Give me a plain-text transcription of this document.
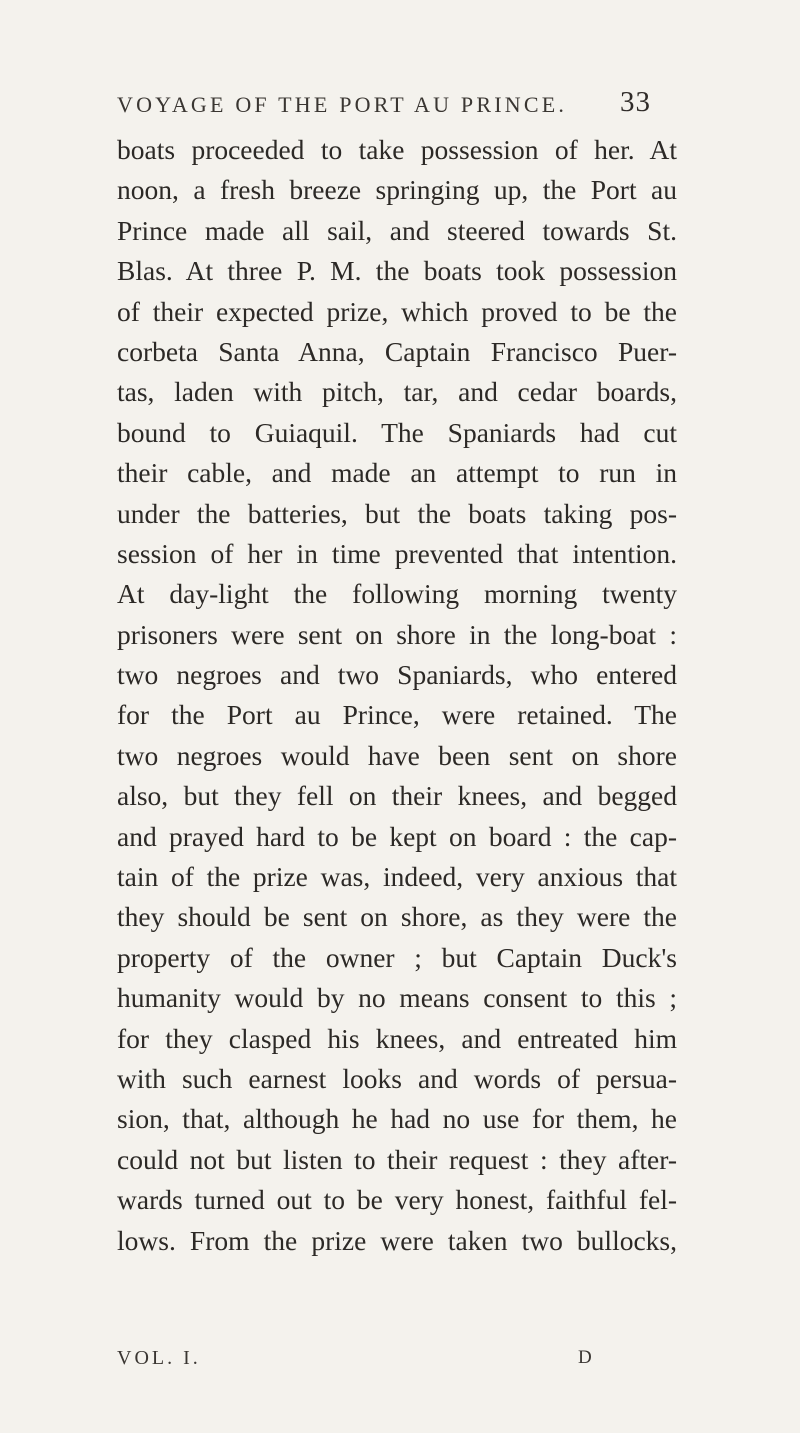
VOYAGE OF THE PORT AU PRINCE.	33
boats proceeded to take possession of her. At
noon, a fresh breeze springing up, the Port au
Prince made all sail, and steered towards St.
Blas. At three P. M. the boats took possession
of their expected prize, which proved to be the
corbeta Santa Anna, Captain Francisco Puer-
tas, laden with pitch, tar, and cedar boards,
bound to Guiaquil. The Spaniards had cut
their cable, and made an attempt to run in
under the batteries, but the boats taking pos-
session of her in time prevented that intention.
At day-light the following morning twenty
prisoners were sent on shore in the long-boat :
two negroes and two Spaniards, who entered
for the Port au Prince, were retained. The
two negroes would have been sent on shore
also, but they fell on their knees, and begged
and prayed hard to be kept on board : the cap-
tain of the prize was, indeed, very anxious that
they should be sent on shore, as they were the
property of the owner ; but Captain Duck's
humanity would by no means consent to this ;
for they clasped his knees, and entreated him
with such earnest looks and words of persua-
sion, that, although he had no use for them, he
could not but listen to their request : they after-
wards turned out to be very honest, faithful fel-
lows. From the prize were taken two bullocks,
VOL. I.	D
